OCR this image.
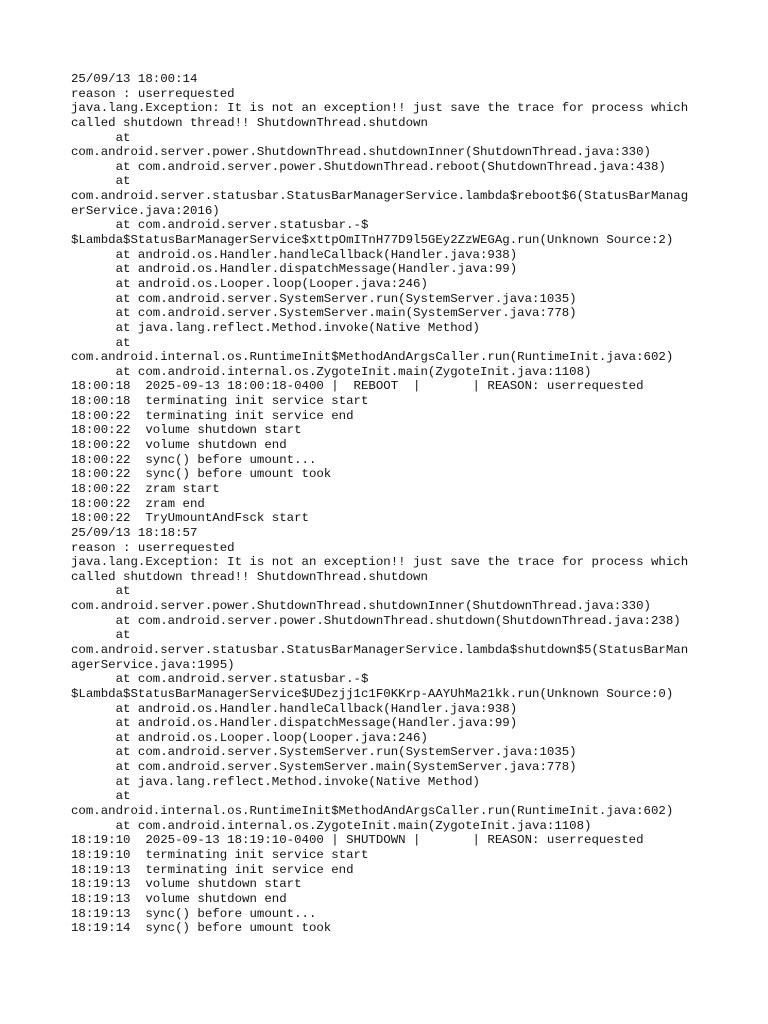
25/09/13 18:00:14
reason : userrequested
java.lang.Exception: It is not an exception!! just save the trace for process which
called shutdown thread!! ShutdownThread.shutdown
at
com.android.server.power.ShutdownThread.shutdownInner(ShutdownThread.java:330)
at com.android.server.power.ShutdownThread.reboot(ShutdownThread.java:438)
at
com.android.server.statusbar.StatusBarManagerService.lambda$reboot$6(StatusBarManag
erService.java:2016)
at com.android.server.statusbar.-$
$Lambda$StatusBarManagerService$xttpOmITnH77D9l5GEy2ZzWEGAg.run(Unknown Source:2)
at android.os.Handler.handleCallback(Handler.java:938)
at android.os.Handler.dispatchMessage(Handler.java:99)
at android.os.Looper.loop(Looper.java:246)
at com.android.server.SystemServer.run(SystemServer.java:1035)
at com.android.server.SystemServer.main(SystemServer.java:778)
at java.lang.reflect.Method.invoke(Native Method)
at
com.android.internal.os.RuntimeInit$MethodAndArgsCaller.run(RuntimeInit.java:602)
at com.android.internal.os.ZygoteInit.main(ZygoteInit.java:1108)
18:00:18  2025-09-13 18:00:18-0400 |  REBOOT  |       | REASON: userrequested
18:00:18  terminating init service start
18:00:22  terminating init service end
18:00:22  volume shutdown start
18:00:22  volume shutdown end
18:00:22  sync() before umount...
18:00:22  sync() before umount took
18:00:22  zram start
18:00:22  zram end
18:00:22  TryUmountAndFsck start
25/09/13 18:18:57
reason : userrequested
java.lang.Exception: It is not an exception!! just save the trace for process which
called shutdown thread!! ShutdownThread.shutdown
at
com.android.server.power.ShutdownThread.shutdownInner(ShutdownThread.java:330)
at com.android.server.power.ShutdownThread.shutdown(ShutdownThread.java:238)
at
com.android.server.statusbar.StatusBarManagerService.lambda$shutdown$5(StatusBarMan
agerService.java:1995)
at com.android.server.statusbar.-$
$Lambda$StatusBarManagerService$UDezjj1c1F0KKrp-AAYUhMa21kk.run(Unknown Source:0)
at android.os.Handler.handleCallback(Handler.java:938)
at android.os.Handler.dispatchMessage(Handler.java:99)
at android.os.Looper.loop(Looper.java:246)
at com.android.server.SystemServer.run(SystemServer.java:1035)
at com.android.server.SystemServer.main(SystemServer.java:778)
at java.lang.reflect.Method.invoke(Native Method)
at
com.android.internal.os.RuntimeInit$MethodAndArgsCaller.run(RuntimeInit.java:602)
at com.android.internal.os.ZygoteInit.main(ZygoteInit.java:1108)
18:19:10  2025-09-13 18:19:10-0400 | SHUTDOWN |       | REASON: userrequested
18:19:10  terminating init service start
18:19:13  terminating init service end
18:19:13  volume shutdown start
18:19:13  volume shutdown end
18:19:13  sync() before umount...
18:19:14  sync() before umount took
